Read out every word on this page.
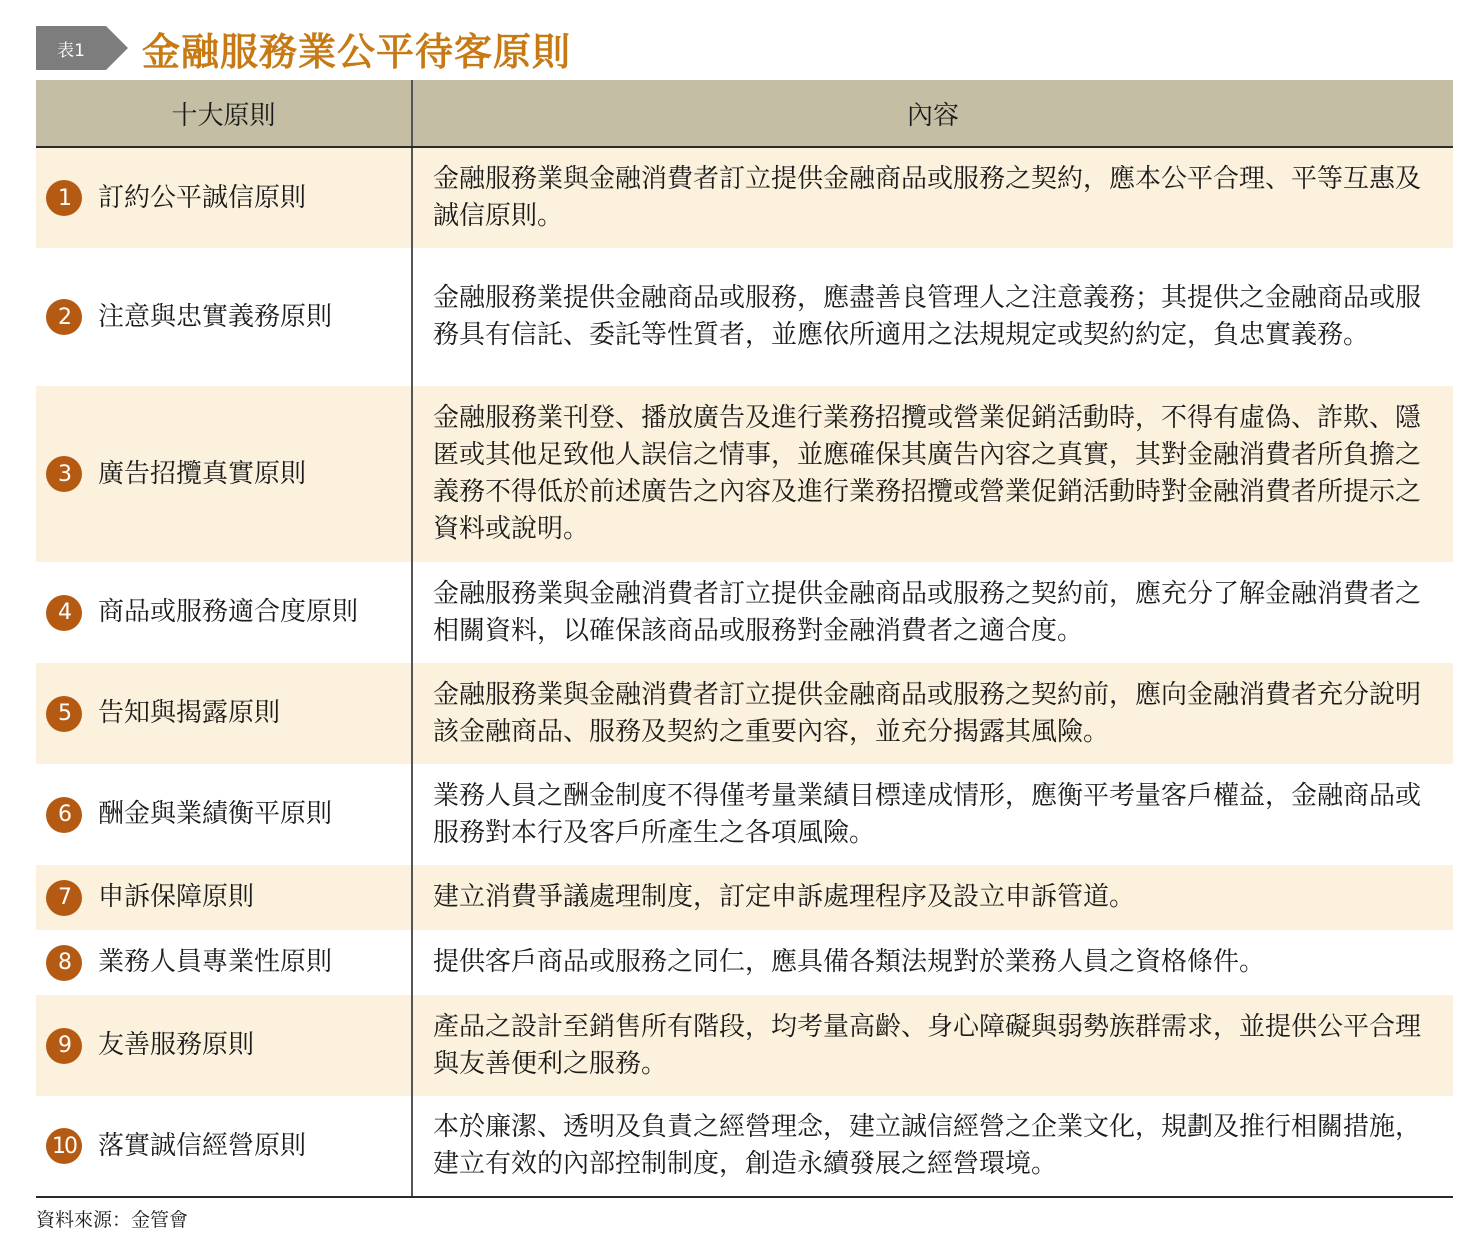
表1	金融服務業公平待客原則
十大原則	內容
1 訂約公平誠信原則	金融服務業與金融消費者訂立提供金融商品或服務之契約，應本公平合理、平等互惠及誠信原則。
2 注意與忠實義務原則	金融服務業提供金融商品或服務，應盡善良管理人之注意義務；其提供之金融商品或服務具有信託、委託等性質者，並應依所適用之法規規定或契約約定，負忠實義務。
3 廣告招攬真實原則	金融服務業刊登、播放廣告及進行業務招攬或營業促銷活動時，不得有虛偽、詐欺、隱匿或其他足致他人誤信之情事，並應確保其廣告內容之真實，其對金融消費者所負擔之義務不得低於前述廣告之內容及進行業務招攬或營業促銷活動時對金融消費者所提示之資料或說明。
4 商品或服務適合度原則	金融服務業與金融消費者訂立提供金融商品或服務之契約前，應充分了解金融消費者之相關資料，以確保該商品或服務對金融消費者之適合度。
5 告知與揭露原則	金融服務業與金融消費者訂立提供金融商品或服務之契約前，應向金融消費者充分說明該金融商品、服務及契約之重要內容，並充分揭露其風險。
6 酬金與業績衡平原則	業務人員之酬金制度不得僅考量業績目標達成情形，應衡平考量客戶權益，金融商品或服務對本行及客戶所產生之各項風險。
7 申訴保障原則	建立消費爭議處理制度，訂定申訴處理程序及設立申訴管道。
8 業務人員專業性原則	提供客戶商品或服務之同仁，應具備各類法規對於業務人員之資格條件。
9 友善服務原則	產品之設計至銷售所有階段，均考量高齡、身心障礙與弱勢族群需求，並提供公平合理與友善便利之服務。
10 落實誠信經營原則	本於廉潔、透明及負責之經營理念，建立誠信經營之企業文化，規劃及推行相關措施，建立有效的內部控制制度，創造永續發展之經營環境。
資料來源：金管會
